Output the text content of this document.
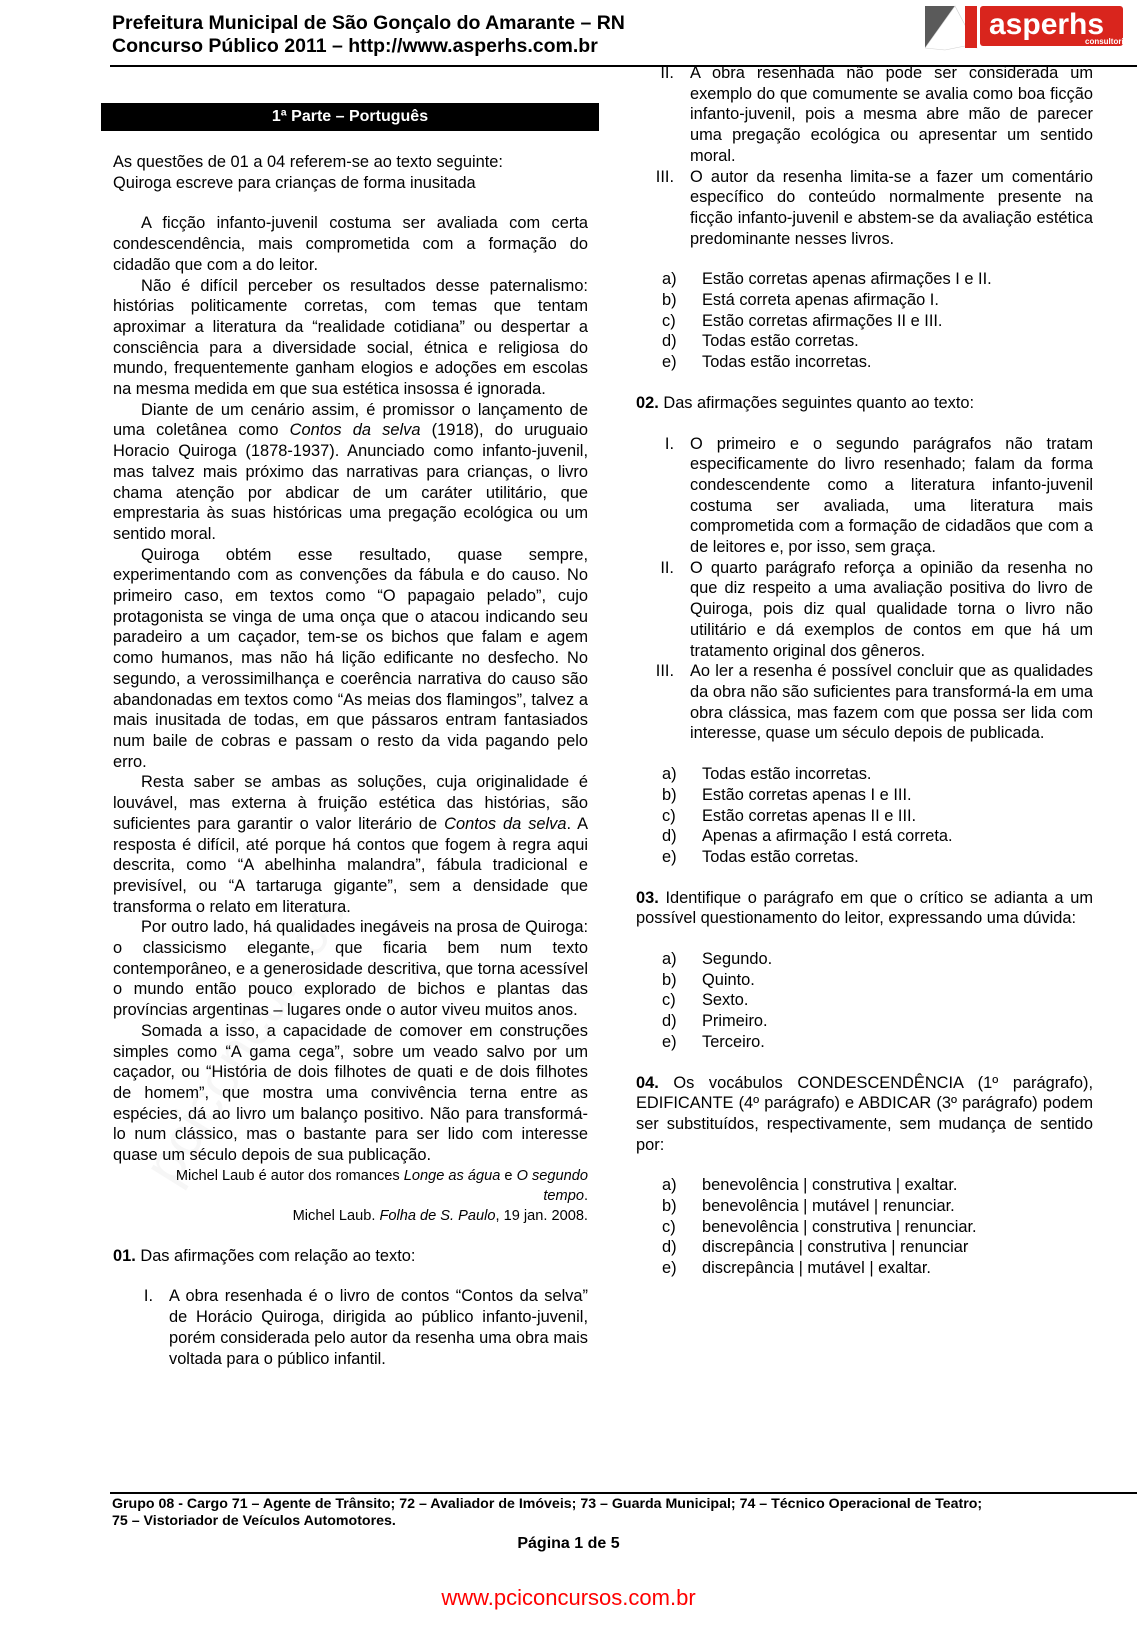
Prefeitura Municipal de São Gonçalo do Amarante – RN
Concurso Público 2011 – http://www.asperhs.com.br
asperhs
consultoria
1ª Parte – Português

As questões de 01 a 04 referem-se ao texto seguinte:

Quiroga escreve para crianças de forma inusitada

A ficção infanto-juvenil costuma ser avaliada com certa condescendência, mais comprometida com a formação do cidadão que com a do leitor.

Não é difícil perceber os resultados desse paternalismo: histórias politicamente corretas, com temas que tentam aproximar a literatura da “realidade cotidiana” ou despertar a consciência para a diversidade social, étnica e religiosa do mundo, frequentemente ganham elogios e adoções em escolas na mesma medida em que sua estética insossa é ignorada.

Diante de um cenário assim, é promissor o lançamento de uma coletânea como Contos da selva (1918), do uruguaio Horacio Quiroga (1878-1937). Anunciado como infanto-juvenil, mas talvez mais próximo das narrativas para crianças, o livro chama atenção por abdicar de um caráter utilitário, que emprestaria às suas históricas uma pregação ecológica ou um sentido moral.

Quiroga obtém esse resultado, quase sempre, experimentando com as convenções da fábula e do causo. No primeiro caso, em textos como “O papagaio pelado”, cujo protagonista se vinga de uma onça que o atacou indicando seu paradeiro a um caçador, tem-se os bichos que falam e agem como humanos, mas não há lição edificante no desfecho. No segundo, a verossimilhança e coerência narrativa do causo são abandonadas em textos como “As meias dos flamingos”, talvez a mais inusitada de todas, em que pássaros entram fantasiados num baile de cobras e passam o resto da vida pagando pelo erro.

Resta saber se ambas as soluções, cuja originalidade é louvável, mas externa à fruição estética das histórias, são suficientes para garantir o valor literário de Contos da selva. A resposta é difícil, até porque há contos que fogem à regra aqui descrita, como “A abelhinha malandra”, fábula tradicional e previsível, ou “A tartaruga gigante”, sem a densidade que transforma o relato em literatura.

Por outro lado, há qualidades inegáveis na prosa de Quiroga: o classicismo elegante, que ficaria bem num texto contemporâneo, e a generosidade descritiva, que torna acessível o mundo então pouco explorado de bichos e plantas das províncias argentinas – lugares onde o autor viveu muitos anos.

Somada a isso, a capacidade de comover em construções simples como “A gama cega”, sobre um veado salvo por um caçador, ou “História de dois filhotes de quati e de dois filhotes de homem”, que mostra uma convivência terna entre as espécies, dá ao livro um balanço positivo. Não para transformá-lo num clássico, mas o bastante para ser lido com interesse quase um século depois de sua publicação.

Michel Laub é autor dos romances Longe as água e O segundo tempo.

Michel Laub. Folha de S. Paulo, 19 jan. 2008.

01. Das afirmações com relação ao texto:

I. A obra resenhada é o livro de contos “Contos da selva” de Horácio Quiroga, dirigida ao público infanto-juvenil, porém considerada pelo autor da resenha uma obra mais voltada para o público infantil.
II. A obra resenhada não pode ser considerada um exemplo do que comumente se avalia como boa ficção infanto-juvenil, pois a mesma abre mão de parecer uma pregação ecológica ou apresentar um sentido moral.
III. O autor da resenha limita-se a fazer um comentário específico do conteúdo normalmente presente na ficção infanto-juvenil e abstem-se da avaliação estética predominante nesses livros.
a)	Estão corretas apenas afirmações I e II.
b)	Está correta apenas afirmação I.
c)	Estão corretas afirmações II e III.
d)	Todas estão corretas.
e)	Todas estão incorretas.

02. Das afirmações seguintes quanto ao texto:

I. O primeiro e o segundo parágrafos não tratam especificamente do livro resenhado; falam da forma condescendente como a literatura infanto-juvenil costuma ser avaliada, uma literatura mais comprometida com a formação de cidadãos que com a de leitores e, por isso, sem graça.
II. O quarto parágrafo reforça a opinião da resenha no que diz respeito a uma avaliação positiva do livro de Quiroga, pois diz qual qualidade torna o livro não utilitário e dá exemplos de contos em que há um tratamento original dos gêneros.
III. Ao ler a resenha é possível concluir que as qualidades da obra não são suficientes para transformá-la em uma obra clássica, mas fazem com que possa ser lida com interesse, quase um século depois de publicada.
a)	Todas estão incorretas.
b)	Estão corretas apenas I e III.
c)	Estão corretas apenas II e III.
d)	Apenas a afirmação I está correta.
e)	Todas estão corretas.

03. Identifique o parágrafo em que o crítico se adianta a um possível questionamento do leitor, expressando uma dúvida:

a)	Segundo.
b)	Quinto.
c)	Sexto.
d)	Primeiro.
e)	Terceiro.

04. Os vocábulos CONDESCENDÊNCIA (1º parágrafo), EDIFICANTE (4º parágrafo) e ABDICAR (3º parágrafo) podem ser substituídos, respectivamente, sem mudança de sentido por:

a)	benevolência | construtiva | exaltar.
b)	benevolência | mutável | renunciar.
c)	benevolência | construtiva | renunciar.
d)	discrepância | construtiva | renunciar
e)	discrepância | mutável | exaltar.
Grupo 08 - Cargo 71 – Agente de Trânsito; 72 – Avaliador de Imóveis; 73 – Guarda Municipal; 74 – Técnico Operacional de Teatro;
75 – Vistoriador de Veículos Automotores.
Página 1 de 5
www.pciconcursos.com.br
